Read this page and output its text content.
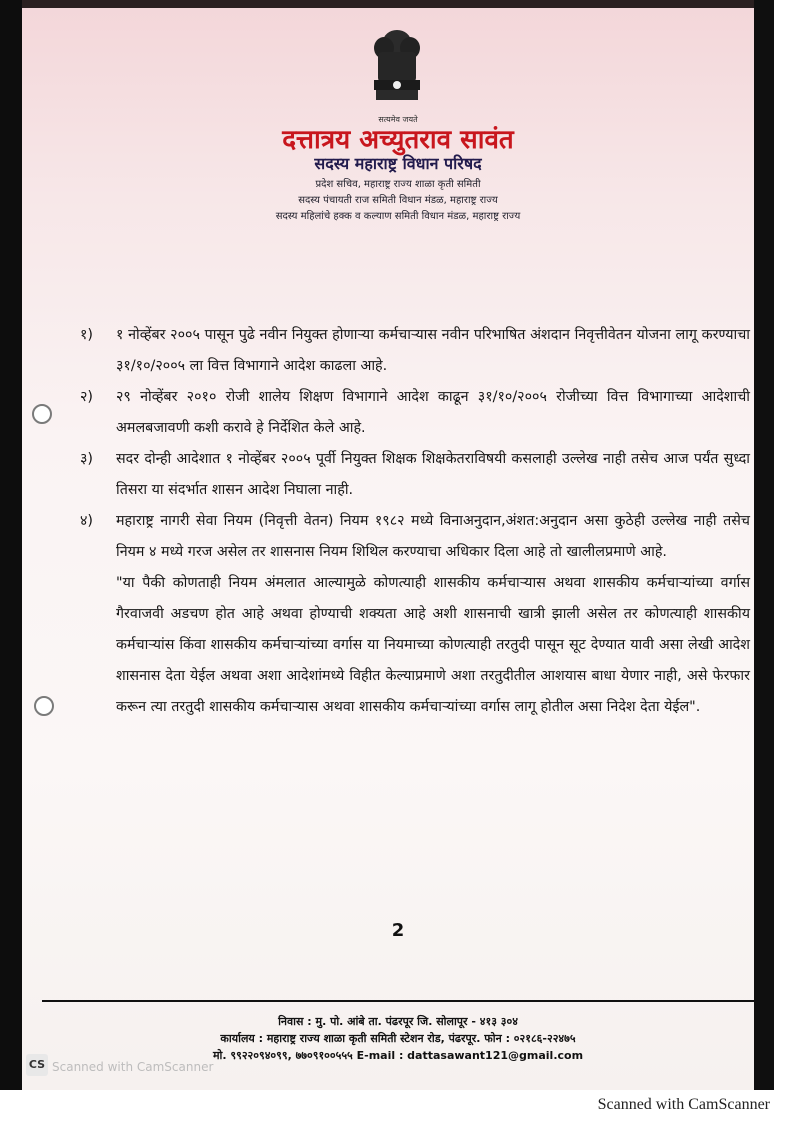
सत्यमेव जयते
दत्तात्रय अच्युतराव सावंत
सदस्य महाराष्ट्र विधान परिषद
प्रदेश सचिव, महाराष्ट्र राज्य शाळा कृती समिती
सदस्य पंचायती राज समिती विधान मंडळ, महाराष्ट्र राज्य
सदस्य महिलांचे हक्क व कल्याण समिती विधान मंडळ, महाराष्ट्र राज्य
१)	१ नोव्हेंबर २००५ पासून पुढे नवीन नियुक्त होणाऱ्या कर्मचाऱ्यास नवीन परिभाषित अंशदान निवृत्तीवेतन योजना लागू करण्याचा ३१/१०/२००५ ला वित्त विभागाने आदेश काढला आहे.
२)	२९ नोव्हेंबर २०१० रोजी शालेय शिक्षण विभागाने आदेश काढून ३१/१०/२००५ रोजीच्या वित्त विभागाच्या आदेशाची अमलबजावणी कशी करावे हे निर्देशित केले आहे.
३)	सदर दोन्ही आदेशात १ नोव्हेंबर २००५ पूर्वी नियुक्त शिक्षक शिक्षकेतराविषयी कसलाही उल्लेख नाही तसेच आज पर्यंत सुध्दा तिसरा या संदर्भात शासन आदेश निघाला नाही.
४)	महाराष्ट्र नागरी सेवा नियम (निवृत्ती वेतन) नियम १९८२ मध्ये विनाअनुदान,अंशत:अनुदान असा कुठेही उल्लेख नाही तसेच नियम ४ मध्ये गरज असेल तर शासनास नियम शिथिल करण्याचा अधिकार दिला आहे तो खालीलप्रमाणे आहे.
"या पैकी कोणताही नियम अंमलात आल्यामुळे कोणत्याही शासकीय कर्मचाऱ्यास अथवा शासकीय कर्मचाऱ्यांच्या वर्गास गैरवाजवी अडचण होत आहे अथवा होण्याची शक्यता आहे अशी शासनाची खात्री झाली असेल तर कोणत्याही शासकीय कर्मचाऱ्यांस किंवा शासकीय कर्मचाऱ्यांच्या वर्गास या नियमाच्या कोणत्याही तरतुदी पासून सूट देण्यात यावी असा लेखी आदेश शासनास देता येईल अथवा अशा आदेशांमध्ये विहीत केल्याप्रमाणे अशा तरतुदीतील आशयास बाधा येणार नाही, असे फेरफार करून त्या तरतुदी शासकीय कर्मचाऱ्यास अथवा शासकीय कर्मचाऱ्यांच्या वर्गास लागू होतील असा निदेश देता येईल".
2
निवास : मु. पो. आंबे ता. पंढरपूर जि. सोलापूर - ४१३ ३०४
कार्यालय : महाराष्ट्र राज्य शाळा कृती समिती स्टेशन रोड, पंढरपूर. फोन : ०२१८६-२२४७५
मो. ९९२२०९४०९९, ७७०९१००५५५ E-mail : dattasawant121@gmail.com
CS Scanned with CamScanner
Scanned with CamScanner
